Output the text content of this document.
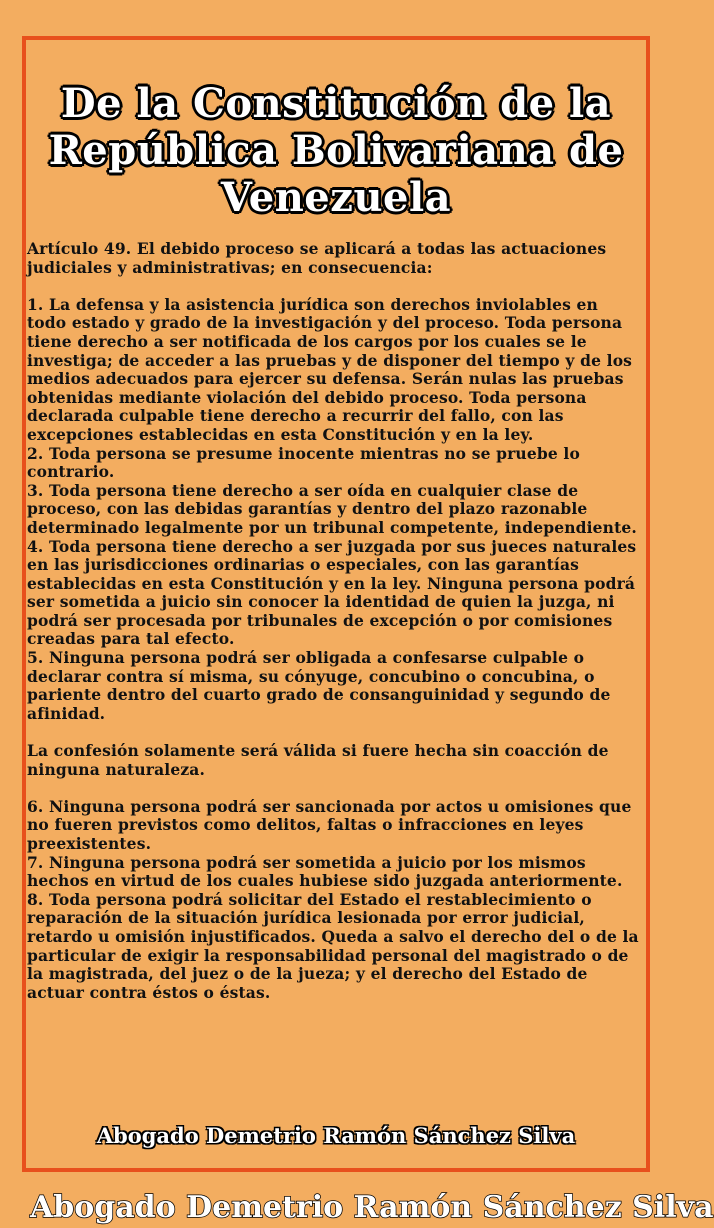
De la Constitución de la
República Bolivariana de
Venezuela

Artículo 49. El debido proceso se aplicará a todas las actuaciones judiciales y administrativas; en consecuencia:

1. La defensa y la asistencia jurídica son derechos inviolables en todo estado y grado de la investigación y del proceso. Toda persona tiene derecho a ser notificada de los cargos por los cuales se le investiga; de acceder a las pruebas y de disponer del tiempo y de los medios adecuados para ejercer su defensa. Serán nulas las pruebas obtenidas mediante violación del debido proceso. Toda persona declarada culpable tiene derecho a recurrir del fallo, con las excepciones establecidas en esta Constitución y en la ley.

2. Toda persona se presume inocente mientras no se pruebe lo contrario.

3. Toda persona tiene derecho a ser oída en cualquier clase de proceso, con las debidas garantías y dentro del plazo razonable determinado legalmente por un tribunal competente, independiente.

4. Toda persona tiene derecho a ser juzgada por sus jueces naturales en las jurisdicciones ordinarias o especiales, con las garantías establecidas en esta Constitución y en la ley. Ninguna persona podrá ser sometida a juicio sin conocer la identidad de quien la juzga, ni podrá ser procesada por tribunales de excepción o por comisiones creadas para tal efecto.

5. Ninguna persona podrá ser obligada a confesarse culpable o declarar contra sí misma, su cónyuge, concubino o concubina, o pariente dentro del cuarto grado de consanguinidad y segundo de afinidad.

La confesión solamente será válida si fuere hecha sin coacción de ninguna naturaleza.

6. Ninguna persona podrá ser sancionada por actos u omisiones que no fueren previstos como delitos, faltas o infracciones en leyes preexistentes.

7. Ninguna persona podrá ser sometida a juicio por los mismos hechos en virtud de los cuales hubiese sido juzgada anteriormente.

8. Toda persona podrá solicitar del Estado el restablecimiento o reparación de la situación jurídica lesionada por error judicial, retardo u omisión injustificados. Queda a salvo el derecho del o de la particular de exigir la responsabilidad personal del magistrado o de la magistrada, del juez o de la jueza; y el derecho del Estado de actuar contra éstos o éstas.

Abogado Demetrio Ramón Sánchez Silva

Abogado Demetrio Ramón Sánchez Silva
